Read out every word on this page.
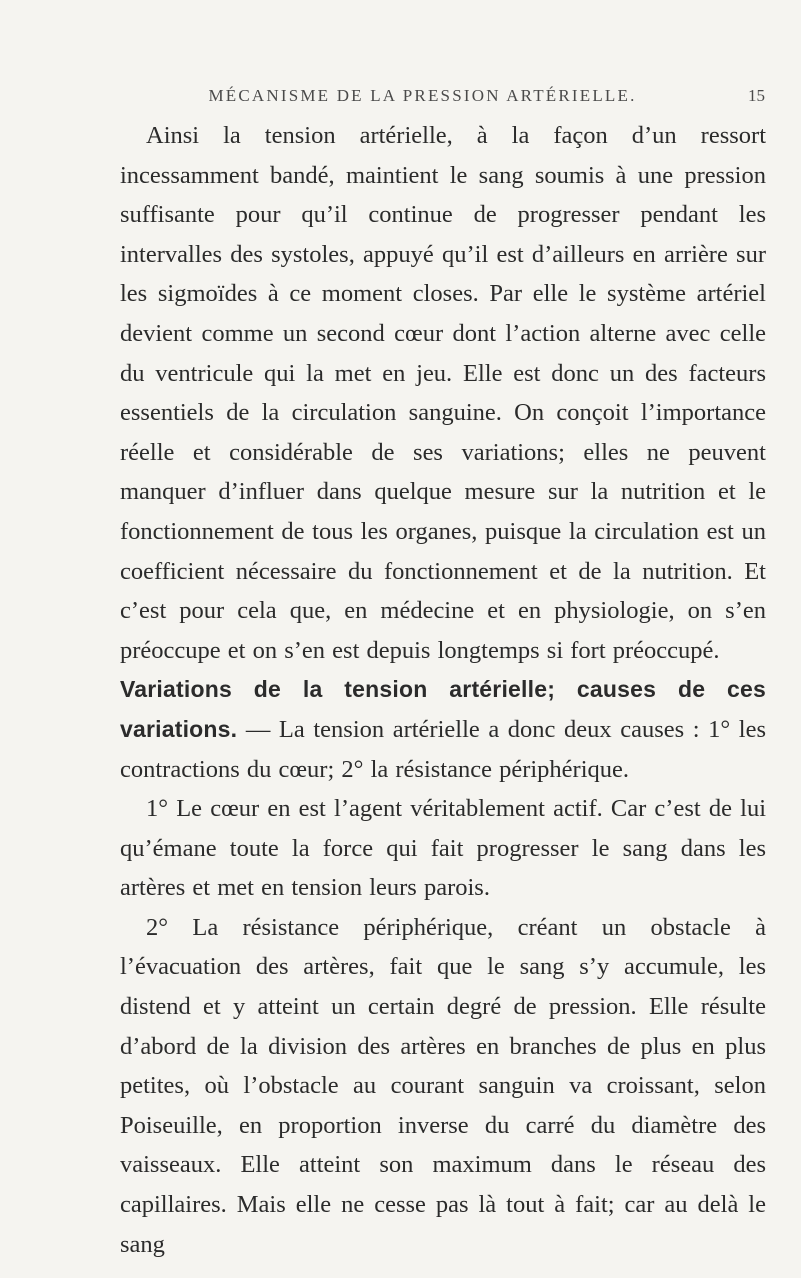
MÉCANISME DE LA PRESSION ARTÉRIELLE.	15

Ainsi la tension artérielle, à la façon d’un ressort incessamment bandé, maintient le sang soumis à une pression suffisante pour qu’il continue de progresser pendant les intervalles des systoles, appuyé qu’il est d’ailleurs en arrière sur les sigmoïdes à ce moment closes. Par elle le système artériel devient comme un second cœur dont l’action alterne avec celle du ventricule qui la met en jeu. Elle est donc un des facteurs essentiels de la circulation sanguine. On conçoit l’importance réelle et considérable de ses variations; elles ne peuvent manquer d’influer dans quelque mesure sur la nutrition et le fonctionnement de tous les organes, puisque la circulation est un coefficient nécessaire du fonctionnement et de la nutrition. Et c’est pour cela que, en médecine et en physiologie, on s’en préoccupe et on s’en est depuis longtemps si fort préoccupé.

Variations de la tension artérielle; causes de ces variations. — La tension artérielle a donc deux causes : 1° les contractions du cœur; 2° la résistance périphérique.

1° Le cœur en est l’agent véritablement actif. Car c’est de lui qu’émane toute la force qui fait progresser le sang dans les artères et met en tension leurs parois.

2° La résistance périphérique, créant un obstacle à l’évacuation des artères, fait que le sang s’y accumule, les distend et y atteint un certain degré de pression. Elle résulte d’abord de la division des artères en branches de plus en plus petites, où l’obstacle au courant sanguin va croissant, selon Poiseuille, en proportion inverse du carré du diamètre des vaisseaux. Elle atteint son maximum dans le réseau des capillaires. Mais elle ne cesse pas là tout à fait; car au delà le sang
